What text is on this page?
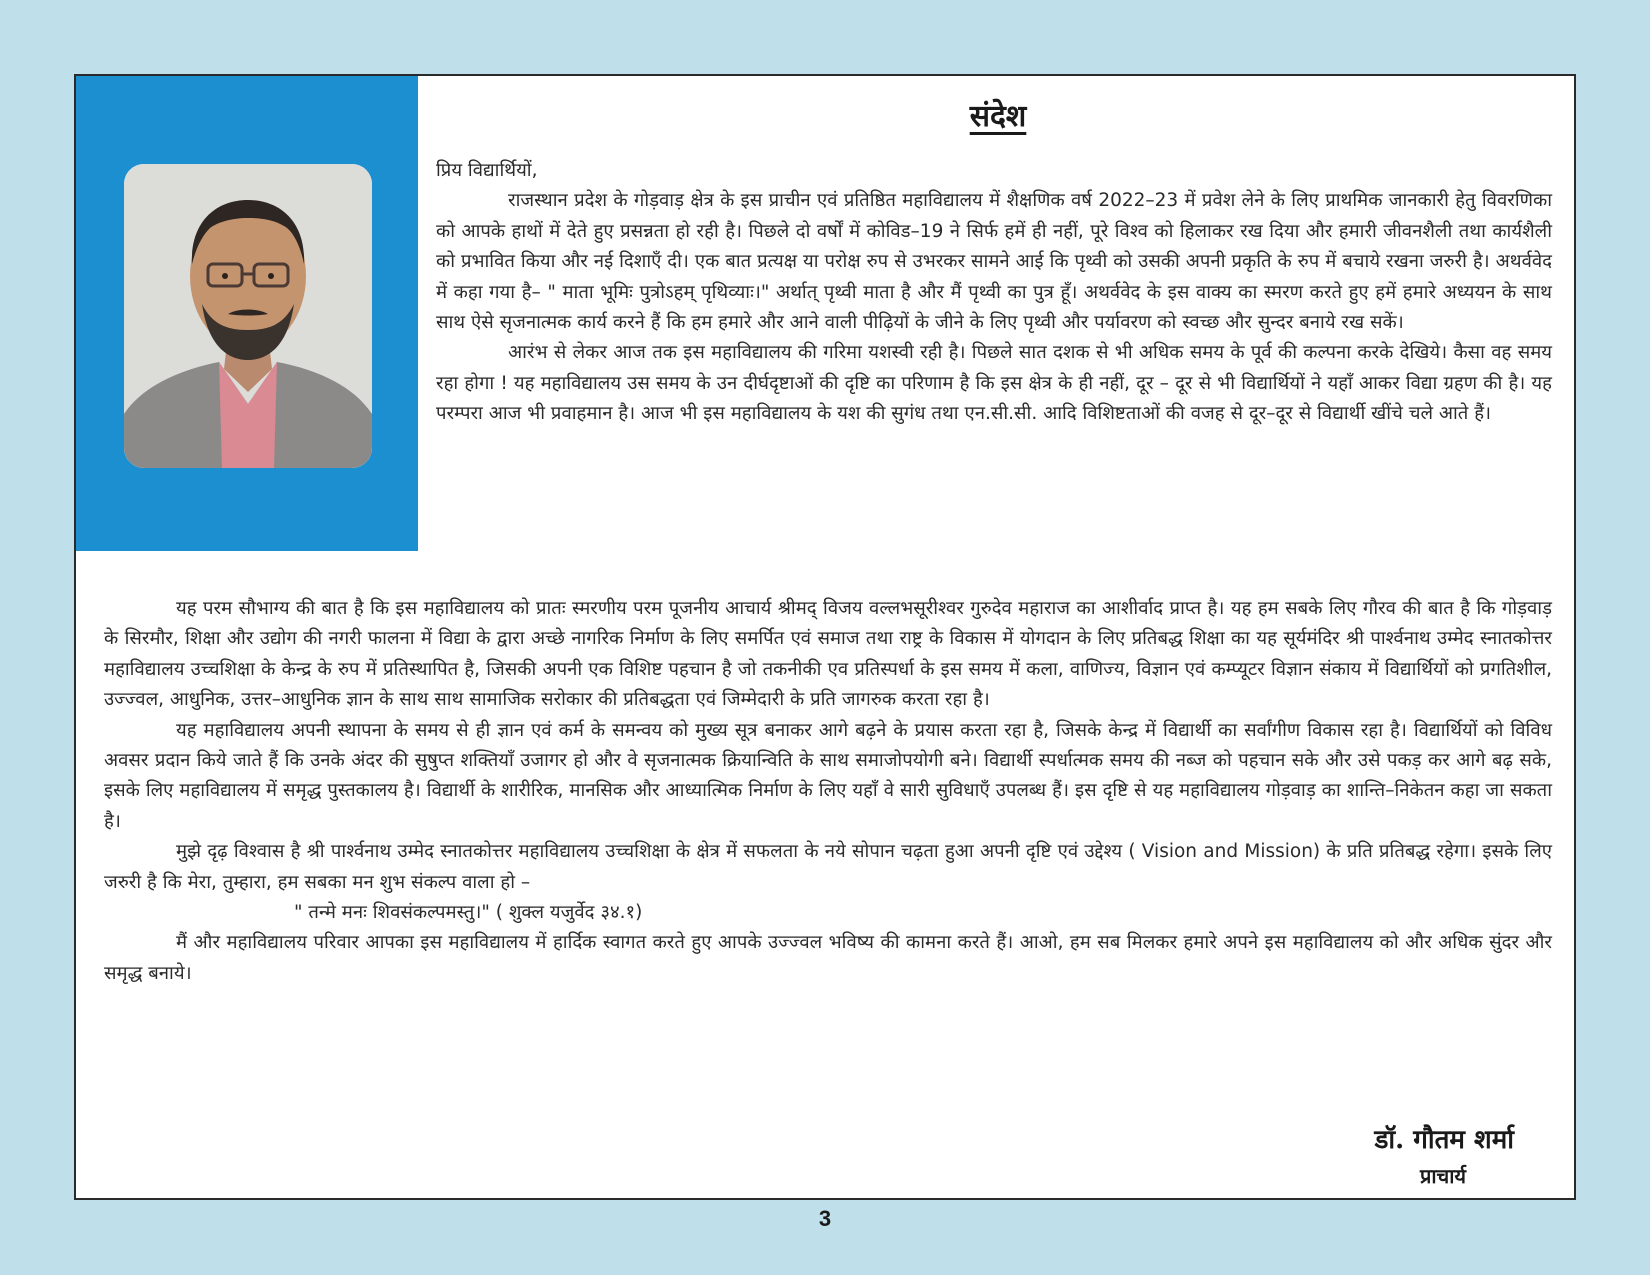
संदेश

प्रिय विद्यार्थियों,

राजस्थान प्रदेश के गोड़वाड़ क्षेत्र के इस प्राचीन एवं प्रतिष्ठित महाविद्यालय में शैक्षणिक वर्ष 2022–23 में प्रवेश लेने के लिए प्राथमिक जानकारी हेतु विवरणिका को आपके हाथों में देते हुए प्रसन्नता हो रही है। पिछले दो वर्षों में कोविड–19 ने सिर्फ हमें ही नहीं, पूरे विश्व को हिलाकर रख दिया और हमारी जीवनशैली तथा कार्यशैली को प्रभावित किया और नई दिशाएँ दी। एक बात प्रत्यक्ष या परोक्ष रुप से उभरकर सामने आई कि पृथ्वी को उसकी अपनी प्रकृति के रुप में बचाये रखना जरुरी है। अथर्ववेद में कहा गया है– " माता भूमिः पुत्रोऽहम् पृथिव्याः।" अर्थात् पृथ्वी माता है और मैं पृथ्वी का पुत्र हूँ। अथर्ववेद के इस वाक्य का स्मरण करते हुए हमें हमारे अध्ययन के साथ साथ ऐसे सृजनात्मक कार्य करने हैं कि हम हमारे और आने वाली पीढ़ियों के जीने के लिए पृथ्वी और पर्यावरण को स्वच्छ और सुन्दर बनाये रख सकें।

आरंभ से लेकर आज तक इस महाविद्यालय की गरिमा यशस्वी रही है। पिछले सात दशक से भी अधिक समय के पूर्व की कल्पना करके देखिये। कैसा वह समय रहा होगा ! यह महाविद्यालय उस समय के उन दीर्घदृष्टाओं की दृष्टि का परिणाम है कि इस क्षेत्र के ही नहीं, दूर – दूर से भी विद्यार्थियों ने यहाँ आकर विद्या ग्रहण की है। यह परम्परा आज भी प्रवाहमान है। आज भी इस महाविद्यालय के यश की सुगंध तथा एन.सी.सी. आदि विशिष्टताओं की वजह से दूर–दूर से विद्यार्थी खींचे चले आते हैं।

यह परम सौभाग्य की बात है कि इस महाविद्यालय को प्रातः स्मरणीय परम पूजनीय आचार्य श्रीमद् विजय वल्लभसूरीश्वर गुरुदेव महाराज का आशीर्वाद प्राप्त है। यह हम सबके लिए गौरव की बात है कि गोड़वाड़ के सिरमौर, शिक्षा और उद्योग की नगरी फालना में विद्या के द्वारा अच्छे नागरिक निर्माण के लिए समर्पित एवं समाज तथा राष्ट्र के विकास में योगदान के लिए प्रतिबद्ध शिक्षा का यह सूर्यमंदिर श्री पार्श्वनाथ उम्मेद स्नातकोत्तर महाविद्यालय उच्चशिक्षा के केन्द्र के रुप में प्रतिस्थापित है, जिसकी अपनी एक विशिष्ट पहचान है जो तकनीकी एव प्रतिस्पर्धा के इस समय में कला, वाणिज्य, विज्ञान एवं कम्प्यूटर विज्ञान संकाय में विद्यार्थियों को प्रगतिशील, उज्ज्वल, आधुनिक, उत्तर–आधुनिक ज्ञान के साथ साथ सामाजिक सरोकार की प्रतिबद्धता एवं जिम्मेदारी के प्रति जागरुक करता रहा है।

यह महाविद्यालय अपनी स्थापना के समय से ही ज्ञान एवं कर्म के समन्वय को मुख्य सूत्र बनाकर आगे बढ़ने के प्रयास करता रहा है, जिसके केन्द्र में विद्यार्थी का सर्वांगीण विकास रहा है। विद्यार्थियों को विविध अवसर प्रदान किये जाते हैं कि उनके अंदर की सुषुप्त शक्तियाँ उजागर हो और वे सृजनात्मक क्रियान्विति के साथ समाजोपयोगी बने। विद्यार्थी स्पर्धात्मक समय की नब्ज को पहचान सके और उसे पकड़ कर आगे बढ़ सके, इसके लिए महाविद्यालय में समृद्ध पुस्तकालय है। विद्यार्थी के शारीरिक, मानसिक और आध्यात्मिक निर्माण के लिए यहाँ वे सारी सुविधाएँ उपलब्ध हैं। इस दृष्टि से यह महाविद्यालय गोड़वाड़ का शान्ति–निकेतन कहा जा सकता है।

मुझे दृढ़ विश्वास है श्री पार्श्वनाथ उम्मेद स्नातकोत्तर महाविद्यालय उच्चशिक्षा के क्षेत्र में सफलता के नये सोपान चढ़ता हुआ अपनी दृष्टि एवं उद्देश्य ( Vision and Mission) के प्रति प्रतिबद्ध रहेगा। इसके लिए जरुरी है कि मेरा, तुम्हारा, हम सबका मन शुभ संकल्प वाला हो –

" तन्मे मनः शिवसंकल्पमस्तु।" ( शुक्ल यजुर्वेद ३४.१)

मैं और महाविद्यालय परिवार आपका इस महाविद्यालय में हार्दिक स्वागत करते हुए आपके उज्ज्वल भविष्य की कामना करते हैं। आओ, हम सब मिलकर हमारे अपने इस महाविद्यालय को और अधिक सुंदर और समृद्ध बनाये।

डॉ. गौतम शर्मा
प्राचार्य
3
